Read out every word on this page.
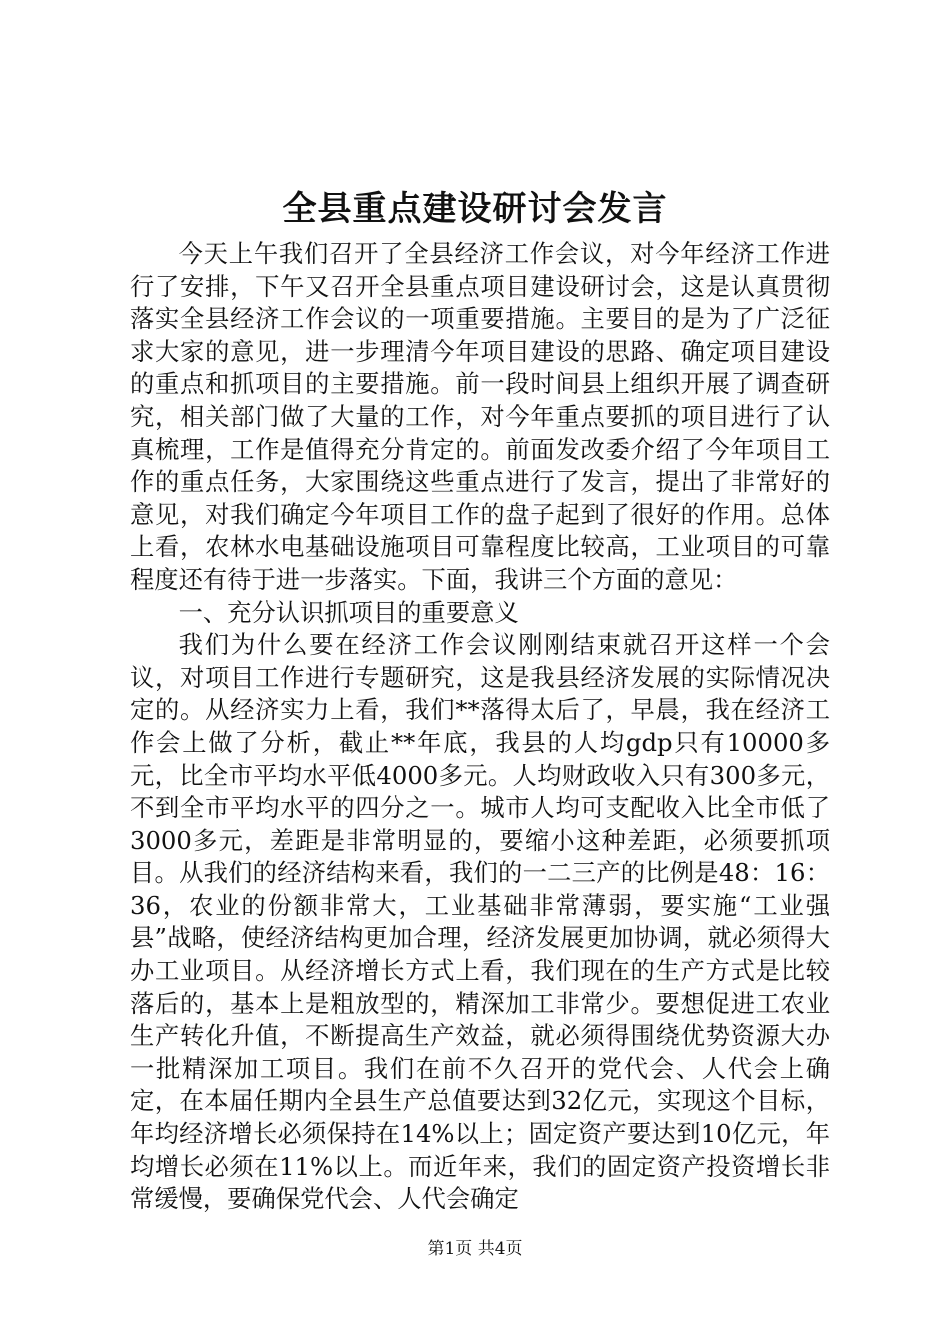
全县重点建设研讨会发言

今天上午我们召开了全县经济工作会议，对今年经济工作进行了安排，下午又召开全县重点项目建设研讨会，这是认真贯彻落实全县经济工作会议的一项重要措施。主要目的是为了广泛征求大家的意见，进一步理清今年项目建设的思路、确定项目建设的重点和抓项目的主要措施。前一段时间县上组织开展了调查研究，相关部门做了大量的工作，对今年重点要抓的项目进行了认真梳理，工作是值得充分肯定的。前面发改委介绍了今年项目工作的重点任务，大家围绕这些重点进行了发言，提出了非常好的意见，对我们确定今年项目工作的盘子起到了很好的作用。总体上看，农林水电基础设施项目可靠程度比较高，工业项目的可靠程度还有待于进一步落实。下面，我讲三个方面的意见：

一、充分认识抓项目的重要意义

我们为什么要在经济工作会议刚刚结束就召开这样一个会议，对项目工作进行专题研究，这是我县经济发展的实际情况决定的。从经济实力上看，我们**落得太后了，早晨，我在经济工作会上做了分析，截止**年底，我县的人均gdp只有10000多元，比全市平均水平低4000多元。人均财政收入只有300多元，不到全市平均水平的四分之一。城市人均可支配收入比全市低了3000多元，差距是非常明显的，要缩小这种差距，必须要抓项目。从我们的经济结构来看，我们的一二三产的比例是48：16：36，农业的份额非常大，工业基础非常薄弱，要实施“工业强县”战略，使经济结构更加合理，经济发展更加协调，就必须得大办工业项目。从经济增长方式上看，我们现在的生产方式是比较落后的，基本上是粗放型的，精深加工非常少。要想促进工农业生产转化升值，不断提高生产效益，就必须得围绕优势资源大办一批精深加工项目。我们在前不久召开的党代会、人代会上确定，在本届任期内全县生产总值要达到32亿元，实现这个目标，年均经济增长必须保持在14%以上；固定资产要达到10亿元，年均增长必须在11%以上。而近年来，我们的固定资产投资增长非常缓慢，要确保党代会、人代会确定

第1页 共4页
